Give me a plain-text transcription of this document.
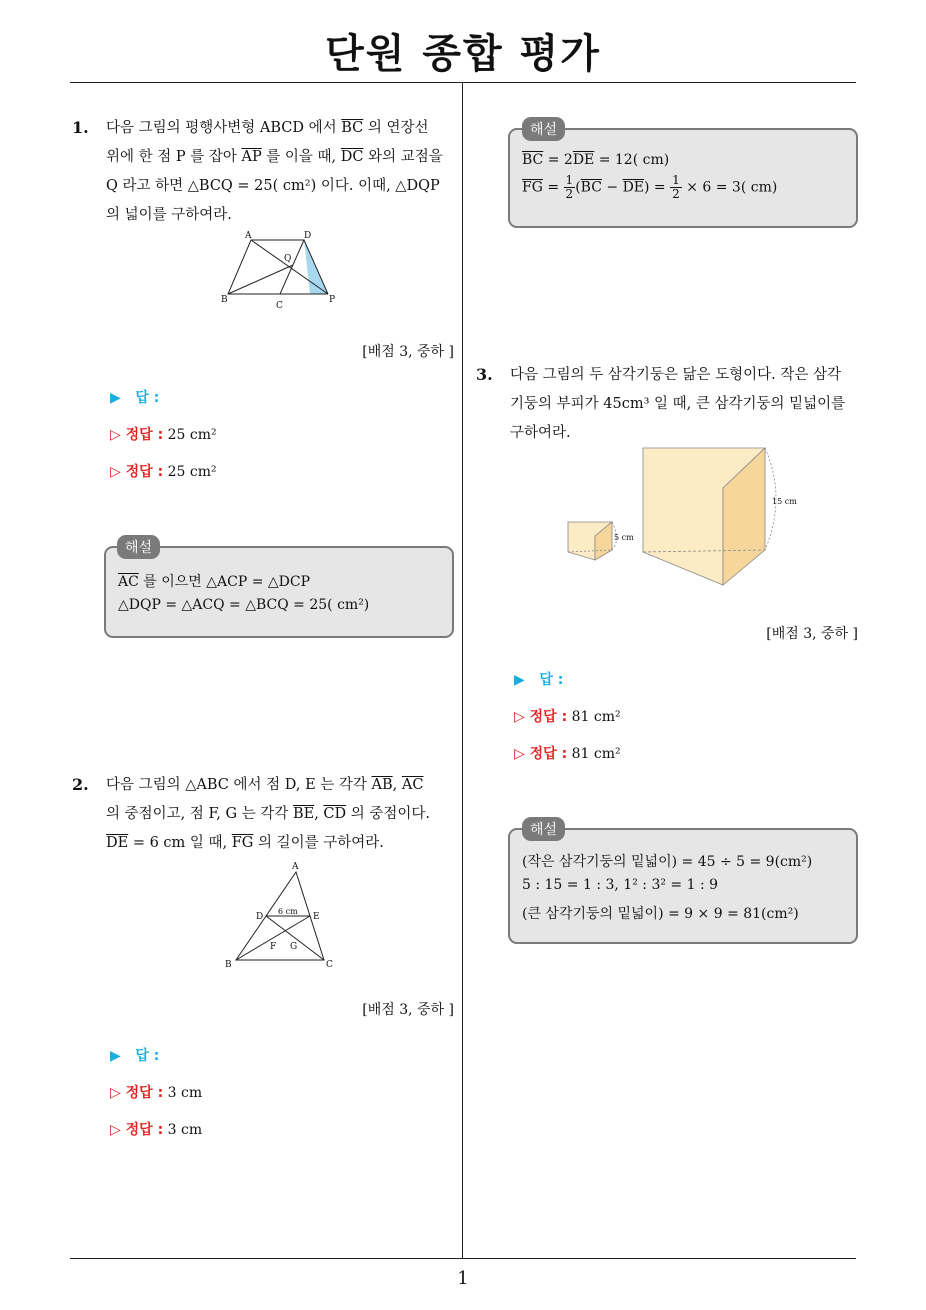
단원 종합 평가
1
1. 다음 그림의 평행사변형 ABCD 에서 $\overline{BC}$ 의 연장선
위에 한 점 P 를 잡아 $\overline{AP}$ 를 이을 때, $\overline{DC}$ 와의 교점을
Q 라고 하면 △BCQ = 25( cm²) 이다. 이때, △DQP
의 넓이를 구하여라.
A	D
Q
B
C
P
[배점 3, 중하 ]
▶ 답 :
▷ 정답 : 25 cm²
▷ 정답 : 25 cm²
해설
$\overline{AC}$ 를 이으면 △ACP = △DCP
△DQP = △ACQ = △BCQ = 25( cm²)
2. 다음 그림의 △ABC 에서 점 D, E 는 각각 $\overline{AB}$, $\overline{AC}$
의 중점이고, 점 F, G 는 각각 $\overline{BE}$, $\overline{CD}$ 의 중점이다.
$\overline{DE} = 6$ cm 일 때, $\overline{FG}$ 의 길이를 구하여라.
A
D	E
6 cm
F G
B	C
[배점 3, 중하 ]
▶ 답 :
▷ 정답 : 3 cm
▷ 정답 : 3 cm
해설
$\overline{BC} = 2\overline{DE} = 12$( cm)
$\overline{FG} = \frac{1}{2} (\overline{BC} - \overline{DE}) = \frac{1}{2} \times 6 = 3$( cm)
3. 다음 그림의 두 삼각기둥은 닮은 도형이다. 작은 삼각
기둥의 부피가 45cm³ 일 때, 큰 삼각기둥의 밑넓이를
구하여라.
5 cm
15 cm
[배점 3, 중하 ]
▶ 답 :
▷ 정답 : 81 cm²
▷ 정답 : 81 cm²
해설
(작은 삼각기둥의 밑넓이) = 45 ÷ 5 = 9(cm²)
5 : 15 = 1 : 3, 1² : 3² = 1 : 9
(큰 삼각기둥의 밑넓이) = 9 × 9 = 81(cm²)
